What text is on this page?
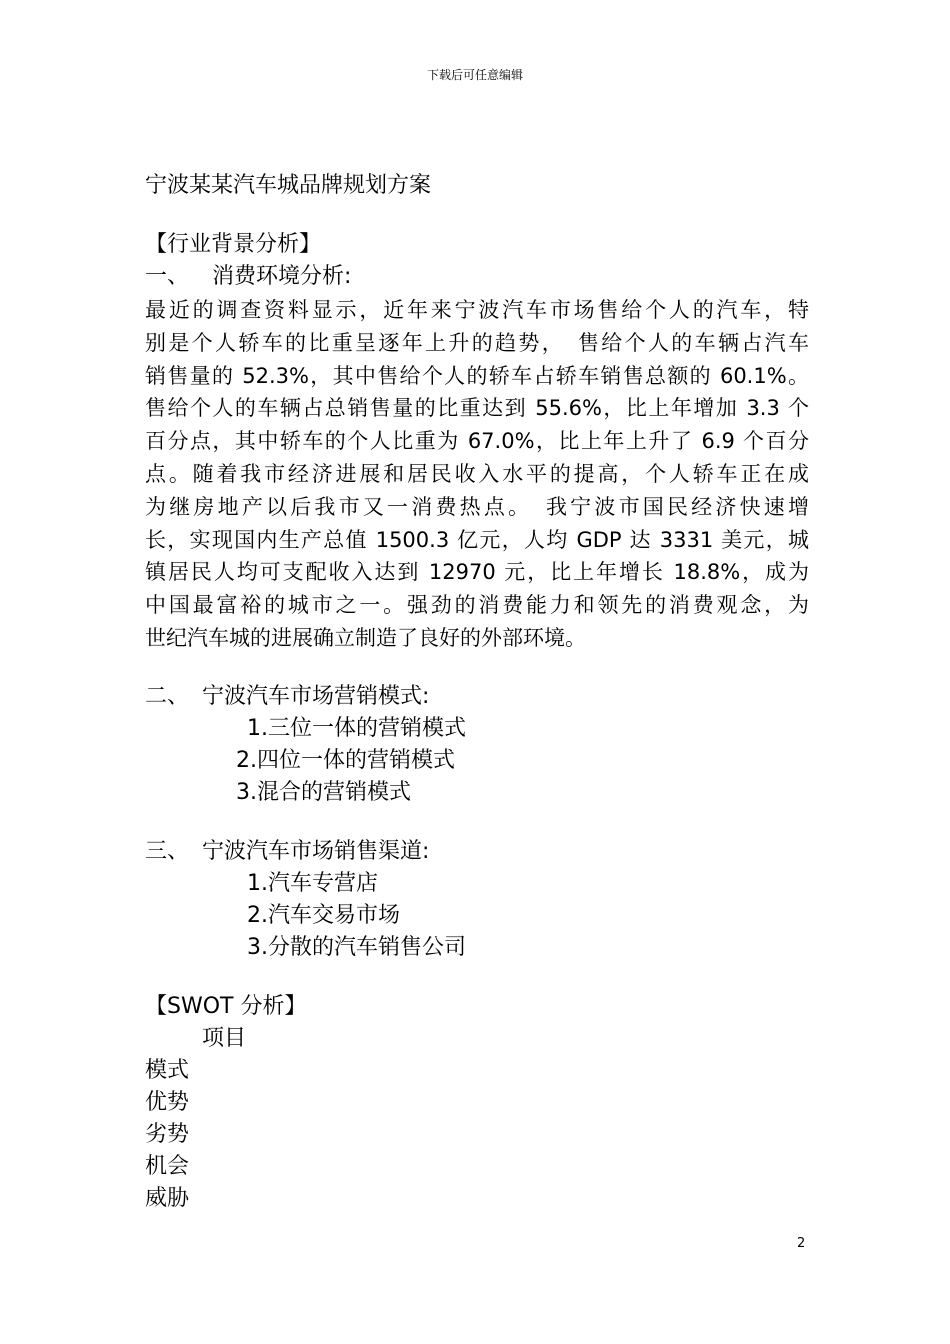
下载后可任意编辑
宁波某某汽车城品牌规划方案
【行业背景分析】
一、 消费环境分析:
最近的调查资料显示，近年来宁波汽车市场售给个人的汽车，特
别是个人轿车的比重呈逐年上升的趋势，　售给个人的车辆占汽车
销售量的 52.3%，其中售给个人的轿车占轿车销售总额的 60.1%。
售给个人的车辆占总销售量的比重达到 55.6%，比上年增加 3.3 个
百分点，其中轿车的个人比重为 67.0%，比上年上升了 6.9 个百分
点。随着我市经济进展和居民收入水平的提高，个人轿车正在成
为继房地产以后我市又一消费热点。　我宁波市国民经济快速增
长，实现国内生产总值 1500.3 亿元，人均 GDP 达 3331 美元，城
镇居民人均可支配收入达到 12970 元，比上年增长 18.8%，成为
中国最富裕的城市之一。强劲的消费能力和领先的消费观念，为
世纪汽车城的进展确立制造了良好的外部环境。
二、 宁波汽车市场营销模式:
1.三位一体的营销模式
2.四位一体的营销模式
3.混合的营销模式
三、 宁波汽车市场销售渠道:
1.汽车专营店
2.汽车交易市场
3.分散的汽车销售公司
【SWOT 分析】
项目
模式
优势
劣势
机会
威胁
2
